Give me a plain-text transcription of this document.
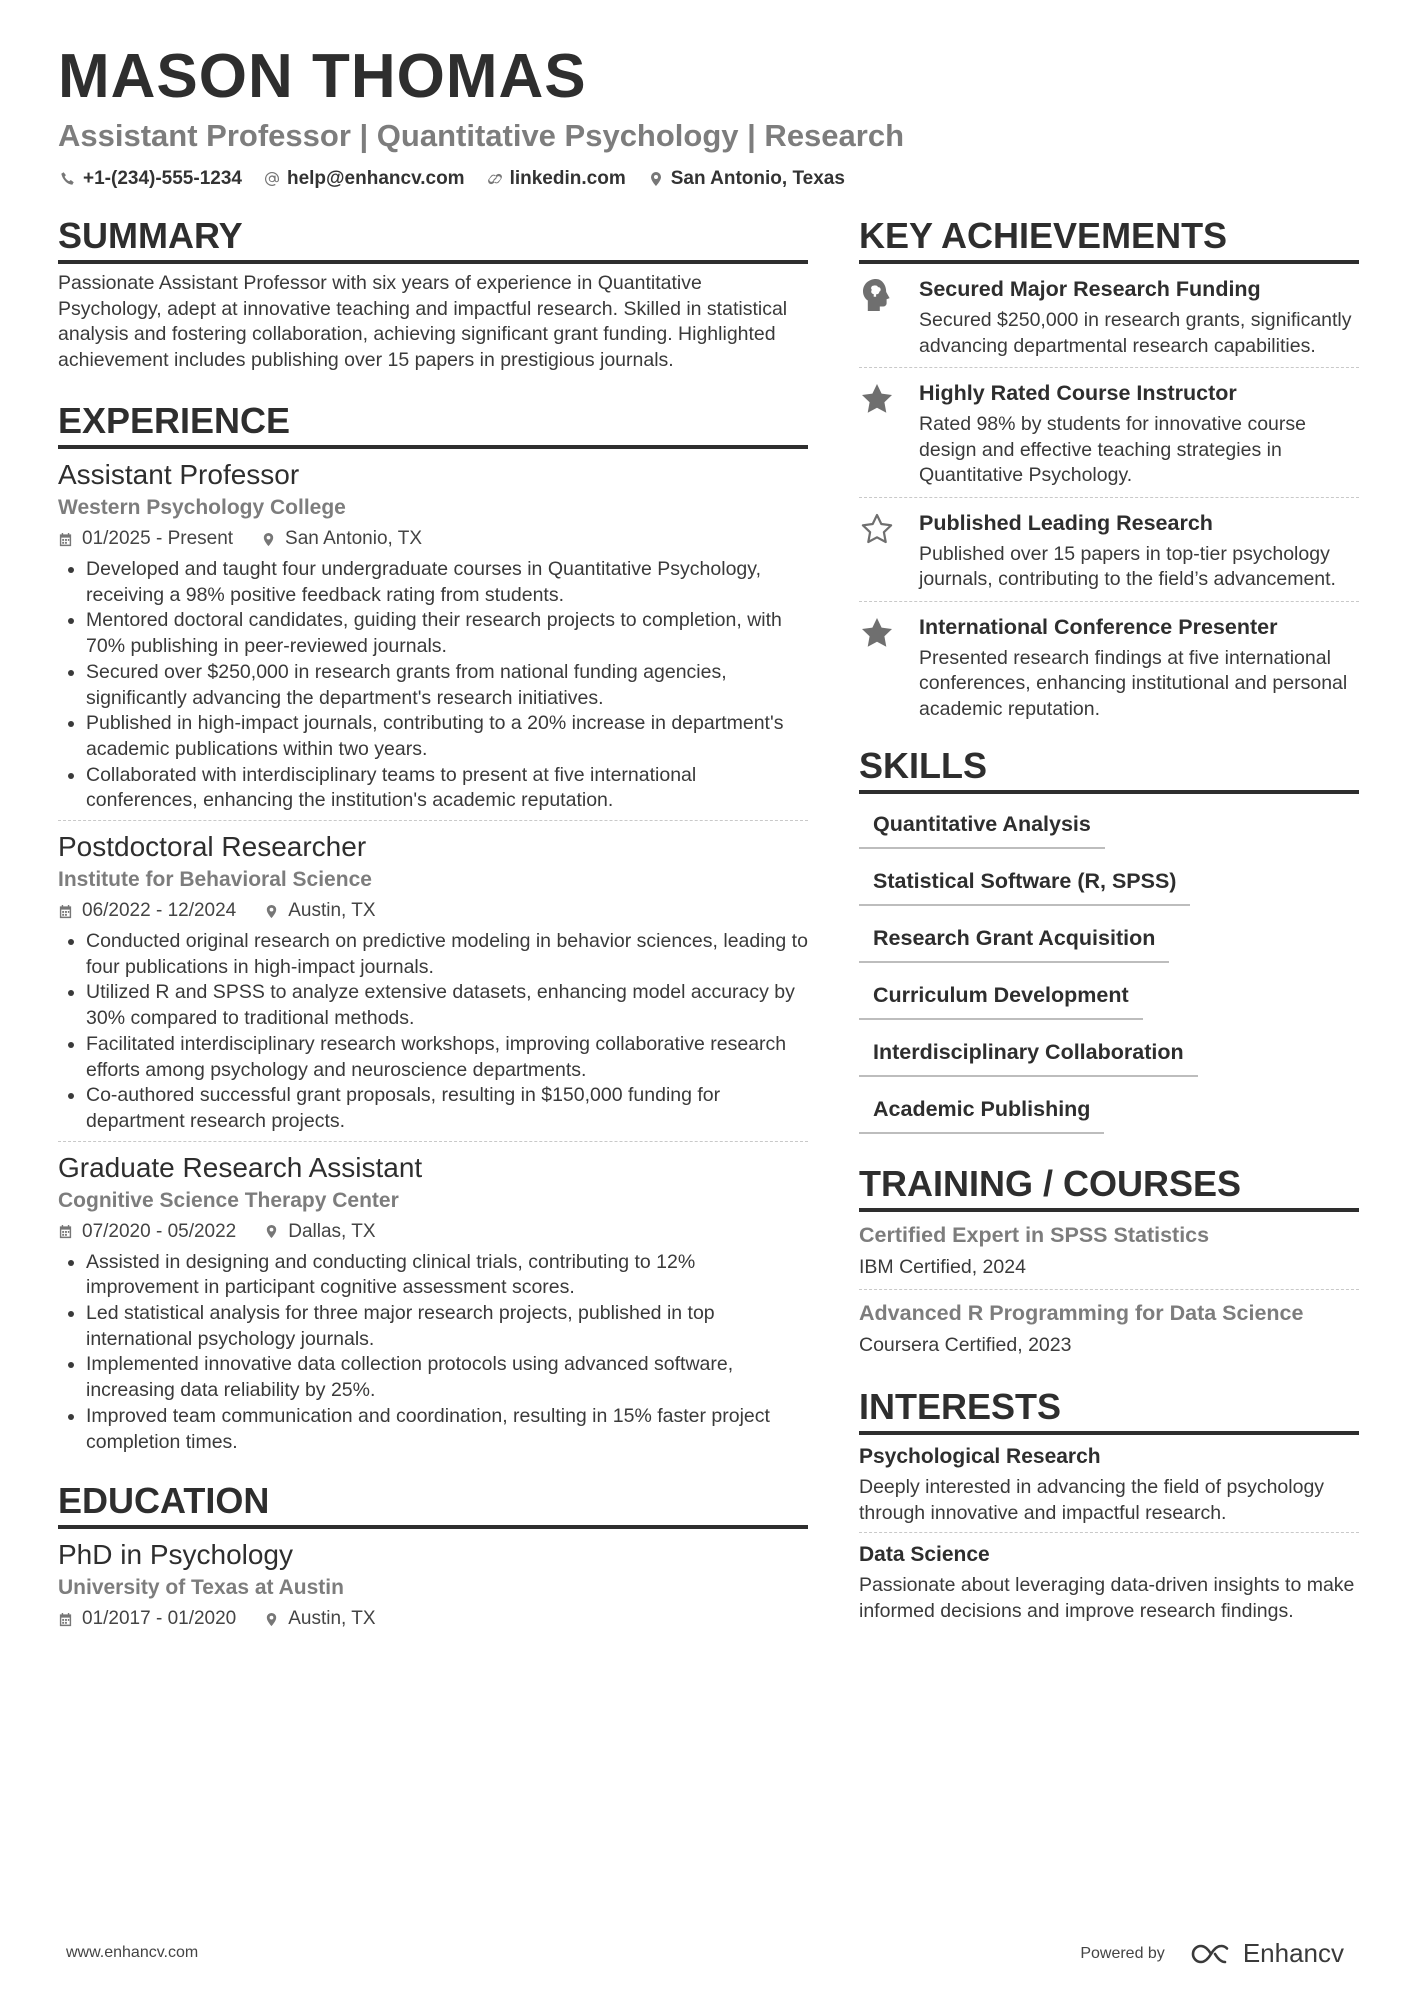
MASON THOMAS
Assistant Professor | Quantitative Psychology | Research
+1-(234)-555-1234 help@enhancv.com linkedin.com San Antonio, Texas
SUMMARY
Passionate Assistant Professor with six years of experience in Quantitative Psychology, adept at innovative teaching and impactful research. Skilled in statistical analysis and fostering collaboration, achieving significant grant funding. Highlighted achievement includes publishing over 15 papers in prestigious journals.
EXPERIENCE
Assistant Professor
Western Psychology College
01/2025 - Present	San Antonio, TX
• Developed and taught four undergraduate courses in Quantitative Psychology, receiving a 98% positive feedback rating from students.
• Mentored doctoral candidates, guiding their research projects to completion, with 70% publishing in peer-reviewed journals.
• Secured over $250,000 in research grants from national funding agencies, significantly advancing the department's research initiatives.
• Published in high-impact journals, contributing to a 20% increase in department's academic publications within two years.
• Collaborated with interdisciplinary teams to present at five international conferences, enhancing the institution's academic reputation.
Postdoctoral Researcher
Institute for Behavioral Science
06/2022 - 12/2024	Austin, TX
• Conducted original research on predictive modeling in behavior sciences, leading to four publications in high-impact journals.
• Utilized R and SPSS to analyze extensive datasets, enhancing model accuracy by 30% compared to traditional methods.
• Facilitated interdisciplinary research workshops, improving collaborative research efforts among psychology and neuroscience departments.
• Co-authored successful grant proposals, resulting in $150,000 funding for department research projects.
Graduate Research Assistant
Cognitive Science Therapy Center
07/2020 - 05/2022	Dallas, TX
• Assisted in designing and conducting clinical trials, contributing to 12% improvement in participant cognitive assessment scores.
• Led statistical analysis for three major research projects, published in top international psychology journals.
• Implemented innovative data collection protocols using advanced software, increasing data reliability by 25%.
• Improved team communication and coordination, resulting in 15% faster project completion times.
EDUCATION
PhD in Psychology
University of Texas at Austin
01/2017 - 01/2020	Austin, TX
KEY ACHIEVEMENTS
Secured Major Research Funding
Secured $250,000 in research grants, significantly advancing departmental research capabilities.
Highly Rated Course Instructor
Rated 98% by students for innovative course design and effective teaching strategies in Quantitative Psychology.
Published Leading Research
Published over 15 papers in top-tier psychology journals, contributing to the field’s advancement.
International Conference Presenter
Presented research findings at five international conferences, enhancing institutional and personal academic reputation.
SKILLS
Quantitative Analysis
Statistical Software (R, SPSS)
Research Grant Acquisition
Curriculum Development
Interdisciplinary Collaboration
Academic Publishing
TRAINING / COURSES
Certified Expert in SPSS Statistics
IBM Certified, 2024
Advanced R Programming for Data Science
Coursera Certified, 2023
INTERESTS
Psychological Research
Deeply interested in advancing the field of psychology through innovative and impactful research.
Data Science
Passionate about leveraging data-driven insights to make informed decisions and improve research findings.
www.enhancv.com	Powered by	Enhancv
